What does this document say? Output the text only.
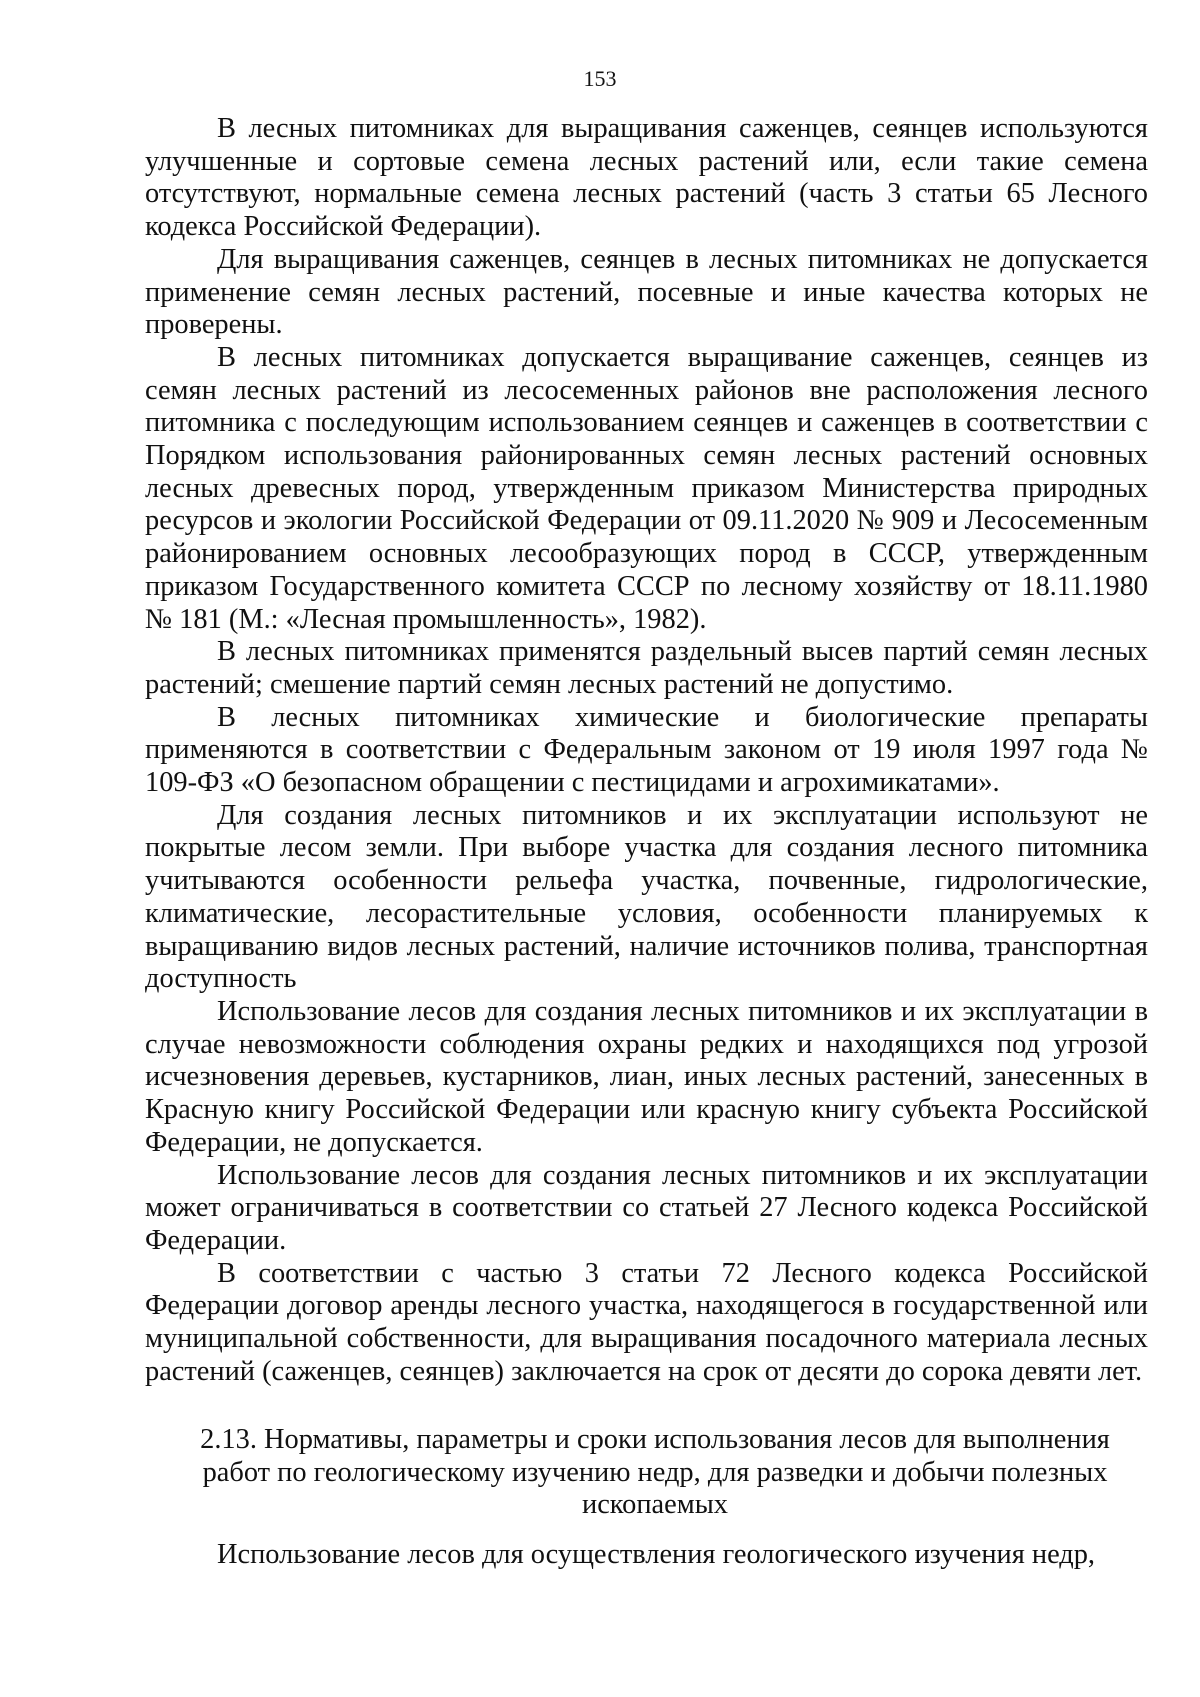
153

В лесных питомниках для выращивания саженцев, сеянцев используются улучшенные и сортовые семена лесных растений или, если такие семена отсутствуют, нормальные семена лесных растений (часть 3 статьи 65 Лесного кодекса Российской Федерации).

Для выращивания саженцев, сеянцев в лесных питомниках не допускается применение семян лесных растений, посевные и иные качества которых не проверены.

В лесных питомниках допускается выращивание саженцев, сеянцев из семян лесных растений из лесосеменных районов вне расположения лесного питомника с последующим использованием сеянцев и саженцев в соответствии с Порядком использования районированных семян лесных растений основных лесных древесных пород, утвержденным приказом Министерства природных ресурсов и экологии Российской Федерации от 09.11.2020 № 909 и Лесосеменным районированием основных лесообразующих пород в СССР, утвержденным приказом Государственного комитета СССР по лесному хозяйству от 18.11.1980 № 181 (М.: «Лесная промышленность», 1982).

В лесных питомниках применятся раздельный высев партий семян лесных растений; смешение партий семян лесных растений не допустимо.

В лесных питомниках химические и биологические препараты применяются в соответствии с Федеральным законом от 19 июля 1997 года № 109-ФЗ «О безопасном обращении с пестицидами и агрохимикатами».

Для создания лесных питомников и их эксплуатации используют не покрытые лесом земли. При выборе участка для создания лесного питомника учитываются особенности рельефа участка, почвенные, гидрологические, климатические, лесорастительные условия, особенности планируемых к выращиванию видов лесных растений, наличие источников полива, транспортная доступность

Использование лесов для создания лесных питомников и их эксплуатации в случае невозможности соблюдения охраны редких и находящихся под угрозой исчезновения деревьев, кустарников, лиан, иных лесных растений, занесенных в Красную книгу Российской Федерации или красную книгу субъекта Российской Федерации, не допускается.

Использование лесов для создания лесных питомников и их эксплуатации может ограничиваться в соответствии со статьей 27 Лесного кодекса Российской Федерации.

В соответствии с частью 3 статьи 72 Лесного кодекса Российской Федерации договор аренды лесного участка, находящегося в государственной или муниципальной собственности, для выращивания посадочного материала лесных растений (саженцев, сеянцев) заключается на срок от десяти до сорока девяти лет.

2.13. Нормативы, параметры и сроки использования лесов для выполнения работ по геологическому изучению недр, для разведки и добычи полезных ископаемых

Использование лесов для осуществления геологического изучения недр,
